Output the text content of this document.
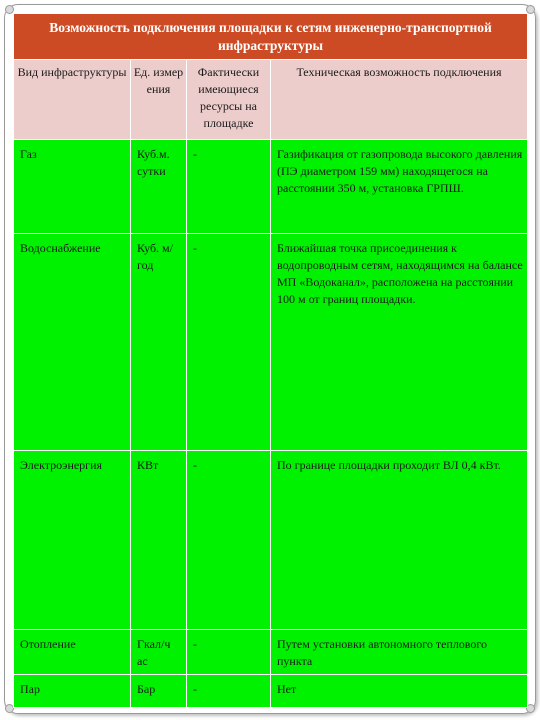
Возможность подключения площадки к сетям инженерно-транспортной инфраструктуры			
Вид инфраструктуры	Ед. измер ения	Фактически имеющиеся ресурсы на площадке	Техническая возможность подключения
Газ	Куб.м. сутки	-	Газификация от газопровода высокого давления (ПЭ диаметром 159 мм) находящегося на расстоянии 350 м, установка ГРПШ.
Водоснабжение	Куб. м/год	-	Ближайшая точка присоединения к водопроводным сетям, находящимся на балансе МП «Водоканал», расположена на расстоянии 100 м от границ площадки.
Электроэнергия	КВт	-	По границе площадки проходит ВЛ 0,4 кВт.
Отопление	Гкал/ч ас	-	Путем установки автономного теплового пункта
Пар	Бар	-	Нет
